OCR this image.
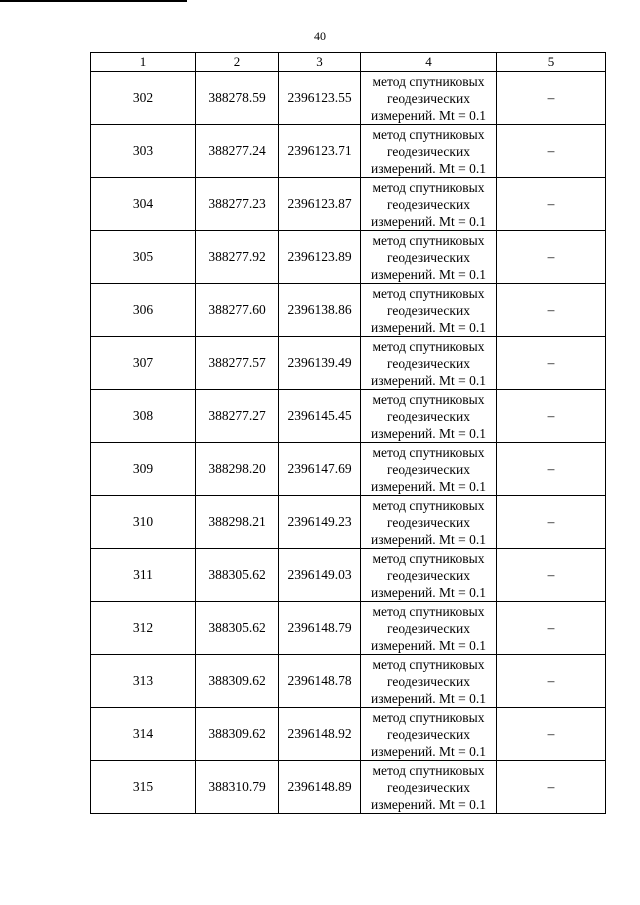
40
1	2	3	4	5
302	388278.59	2396123.55	метод спутниковых геодезических измерений. Mt = 0.1	–
303	388277.24	2396123.71	метод спутниковых геодезических измерений. Mt = 0.1	–
304	388277.23	2396123.87	метод спутниковых геодезических измерений. Mt = 0.1	–
305	388277.92	2396123.89	метод спутниковых геодезических измерений. Mt = 0.1	–
306	388277.60	2396138.86	метод спутниковых геодезических измерений. Mt = 0.1	–
307	388277.57	2396139.49	метод спутниковых геодезических измерений. Mt = 0.1	–
308	388277.27	2396145.45	метод спутниковых геодезических измерений. Mt = 0.1	–
309	388298.20	2396147.69	метод спутниковых геодезических измерений. Mt = 0.1	–
310	388298.21	2396149.23	метод спутниковых геодезических измерений. Mt = 0.1	–
311	388305.62	2396149.03	метод спутниковых геодезических измерений. Mt = 0.1	–
312	388305.62	2396148.79	метод спутниковых геодезических измерений. Mt = 0.1	–
313	388309.62	2396148.78	метод спутниковых геодезических измерений. Mt = 0.1	–
314	388309.62	2396148.92	метод спутниковых геодезических измерений. Mt = 0.1	–
315	388310.79	2396148.89	метод спутниковых геодезических измерений. Mt = 0.1	–
